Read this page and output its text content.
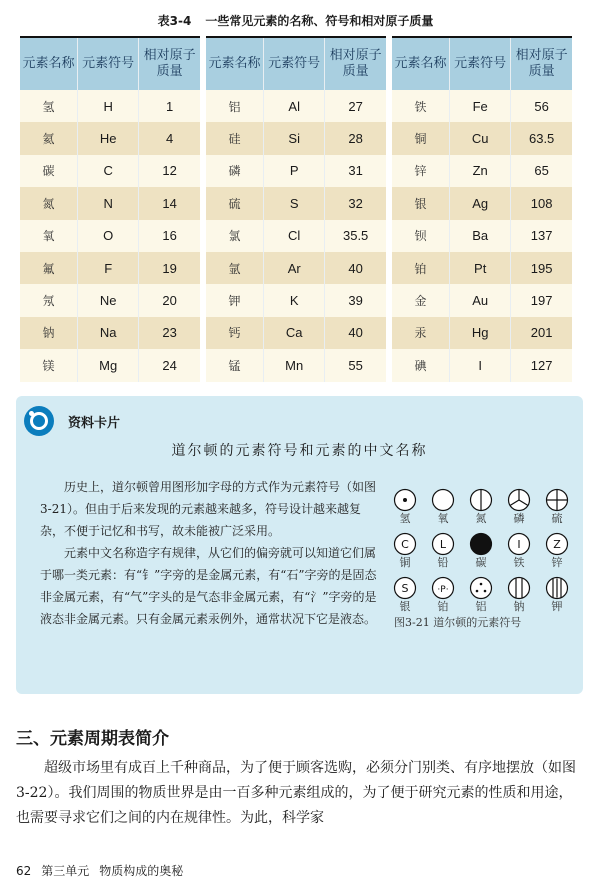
表3-4 一些常见元素的名称、符号和相对原子质量
元素名称	元素符号	相对原子质量
氢	H	1
氦	He	4
碳	C	12
氮	N	14
氧	O	16
氟	F	19
氖	Ne	20
钠	Na	23
镁	Mg	24
元素名称	元素符号	相对原子质量
铝	Al	27
硅	Si	28
磷	P	31
硫	S	32
氯	Cl	35.5
氩	Ar	40
钾	K	39
钙	Ca	40
锰	Mn	55
元素名称	元素符号	相对原子质量
铁	Fe	56
铜	Cu	63.5
锌	Zn	65
银	Ag	108
钡	Ba	137
铂	Pt	195
金	Au	197
汞	Hg	201
碘	I	127
资料卡片
道尔顿的元素符号和元素的中文名称

历史上，道尔顿曾用图形加字母的方式作为元素符号（如图3-21）。但由于后来发现的元素越来越多，符号设计越来越复杂，不便于记忆和书写，故未能被广泛采用。

元素中文名称造字有规律，从它们的偏旁就可以知道它们属于哪一类元素：有“钅”字旁的是金属元素，有“石”字旁的是固态非金属元素，有“气”字头的是气态非金属元素，有“氵”字旁的是液态非金属元素。只有金属元素汞例外，通常状况下它是液态。

氢 氧 氮 磷 硫
C
铜
L
铅 碳
I
铁
Z
锌
S
银
·P·
铂 铝 钠 钾
图3-21 道尔顿的元素符号
三、元素周期表简介

超级市场里有成百上千种商品，为了便于顾客选购，必须分门别类、有序地摆放（如图3-22）。我们周围的物质世界是由一百多种元素组成的，为了便于研究元素的性质和用途，也需要寻求它们之间的内在规律性。为此，科学家

62 第三单元 物质构成的奥秘
